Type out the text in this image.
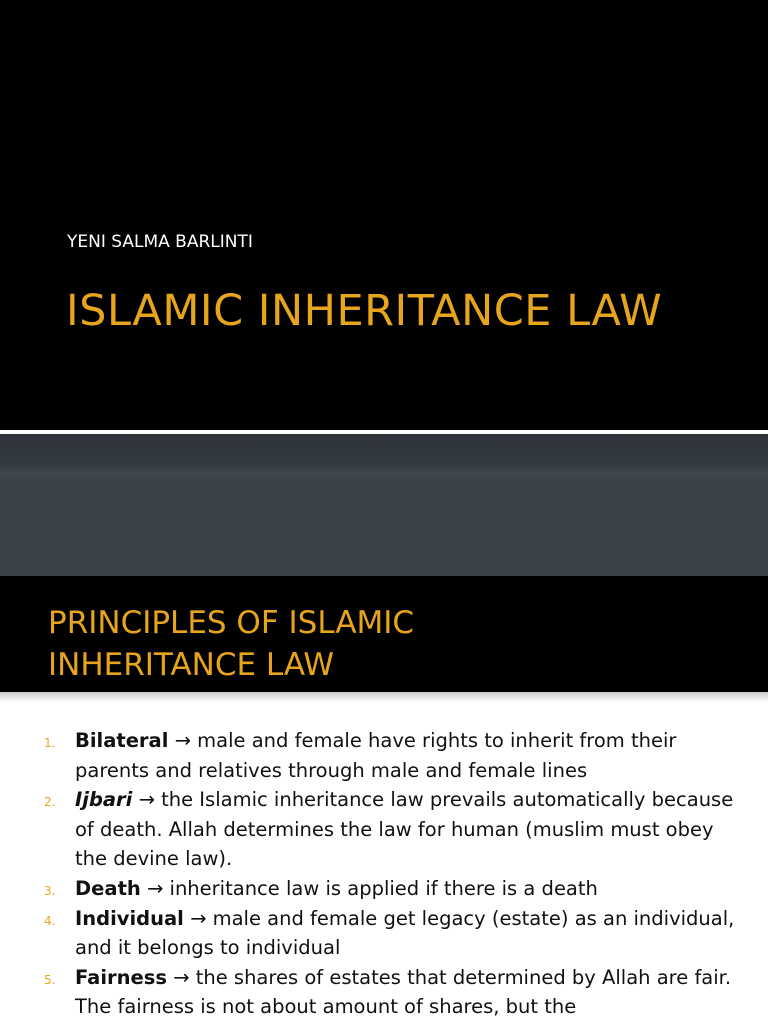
YENI SALMA BARLINTI
ISLAMIC INHERITANCE LAW
PRINCIPLES OF ISLAMIC
INHERITANCE LAW
1. Bilateral → male and female have rights to inherit from their parents and relatives through male and female lines
2. Ijbari → the Islamic inheritance law prevails automatically because of death. Allah determines the law for human (muslim must obey the devine law).
3. Death → inheritance law is applied if there is a death
4. Individual → male and female get legacy (estate) as an individual, and it belongs to individual
5. Fairness → the shares of estates that determined by Allah are fair. The fairness is not about amount of shares, but the
